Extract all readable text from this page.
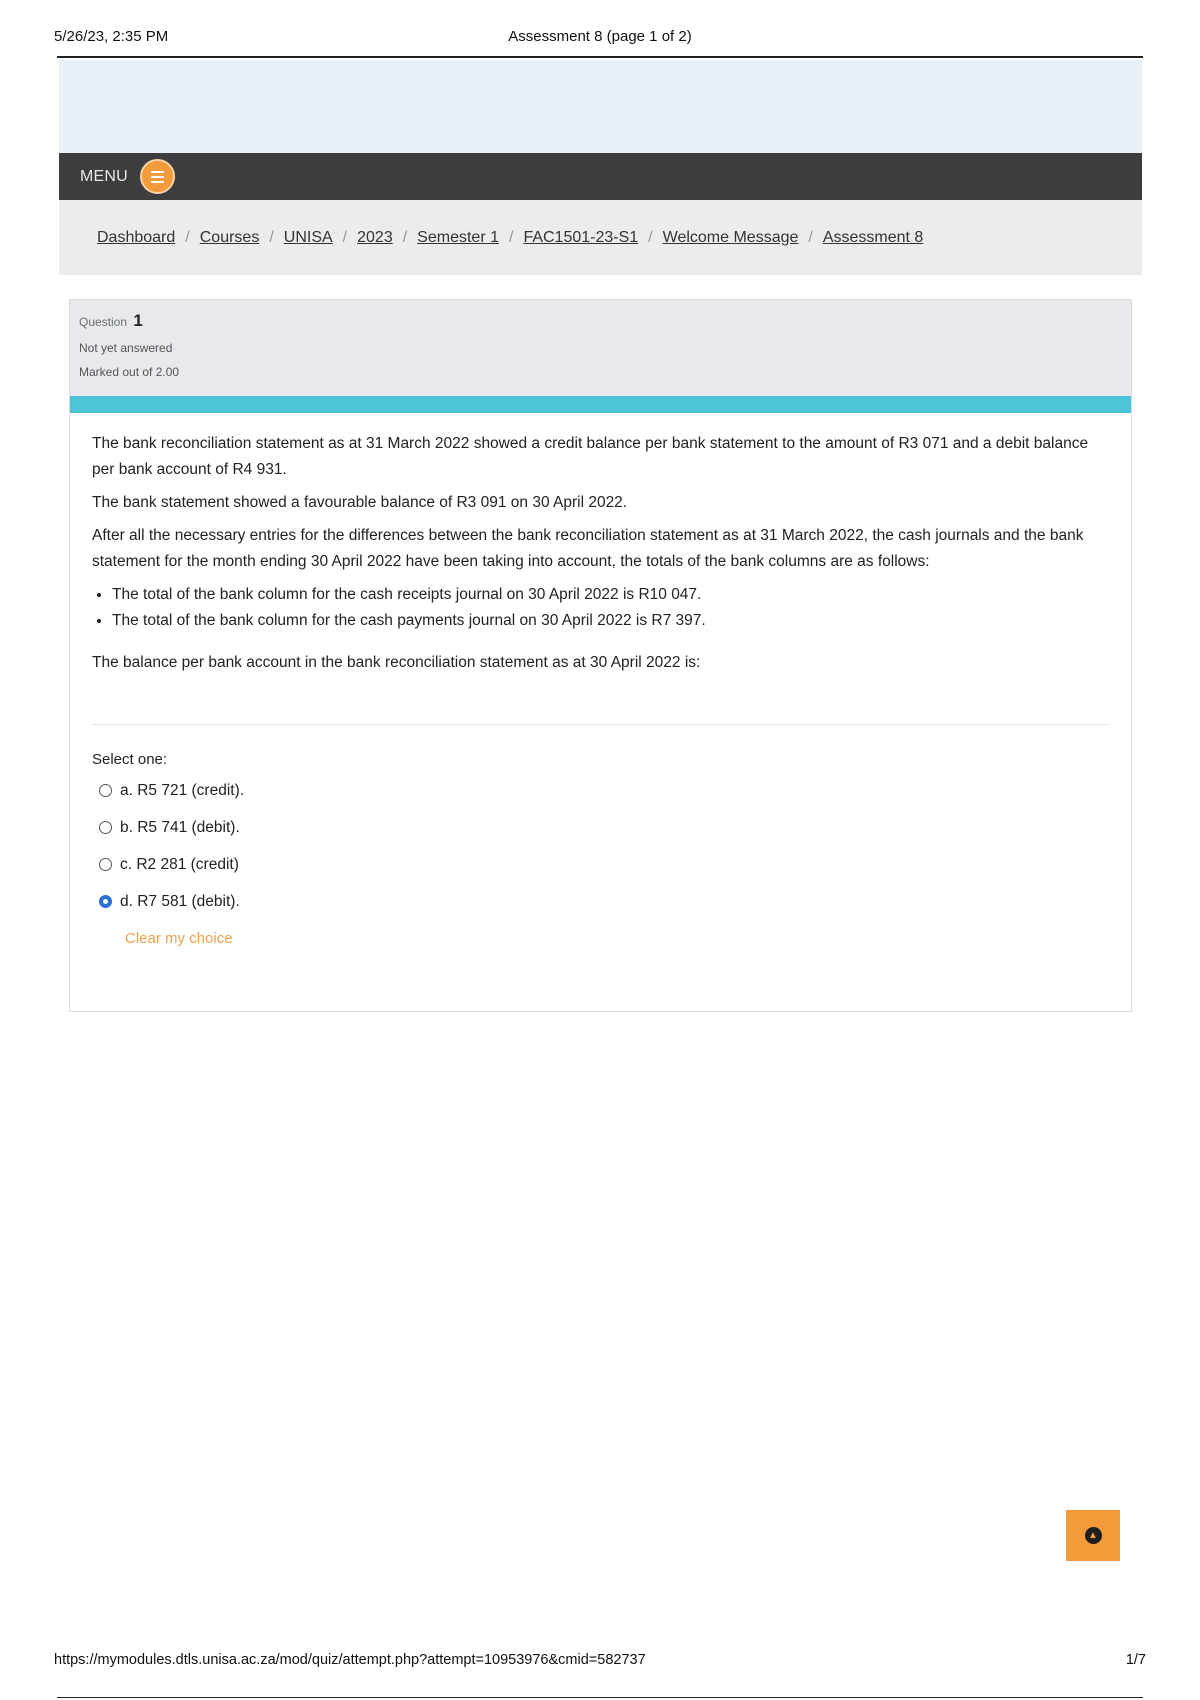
5/26/23, 2:35 PM	Assessment 8 (page 1 of 2)
MENU
Dashboard / Courses / UNISA / 2023 / Semester 1 / FAC1501-23-S1 / Welcome Message / Assessment 8
Question 1
Not yet answered
Marked out of 2.00

The bank reconciliation statement as at 31 March 2022 showed a credit balance per bank statement to the amount of R3 071 and a debit balance per bank account of R4 931.

The bank statement showed a favourable balance of R3 091 on 30 April 2022.

After all the necessary entries for the differences between the bank reconciliation statement as at 31 March 2022, the cash journals and the bank statement for the month ending 30 April 2022 have been taking into account, the totals of the bank columns are as follows:

• The total of the bank column for the cash receipts journal on 30 April 2022 is R10 047.
• The total of the bank column for the cash payments journal on 30 April 2022 is R7 397.

The balance per bank account in the bank reconciliation statement as at 30 April 2022 is:

Select one:
a. R5 721 (credit).
b. R5 741 (debit).
c. R2 281 (credit)
d. R7 581 (debit).
Clear my choice
▲
https://mymodules.dtls.unisa.ac.za/mod/quiz/attempt.php?attempt=10953976&cmid=582737	1/7
